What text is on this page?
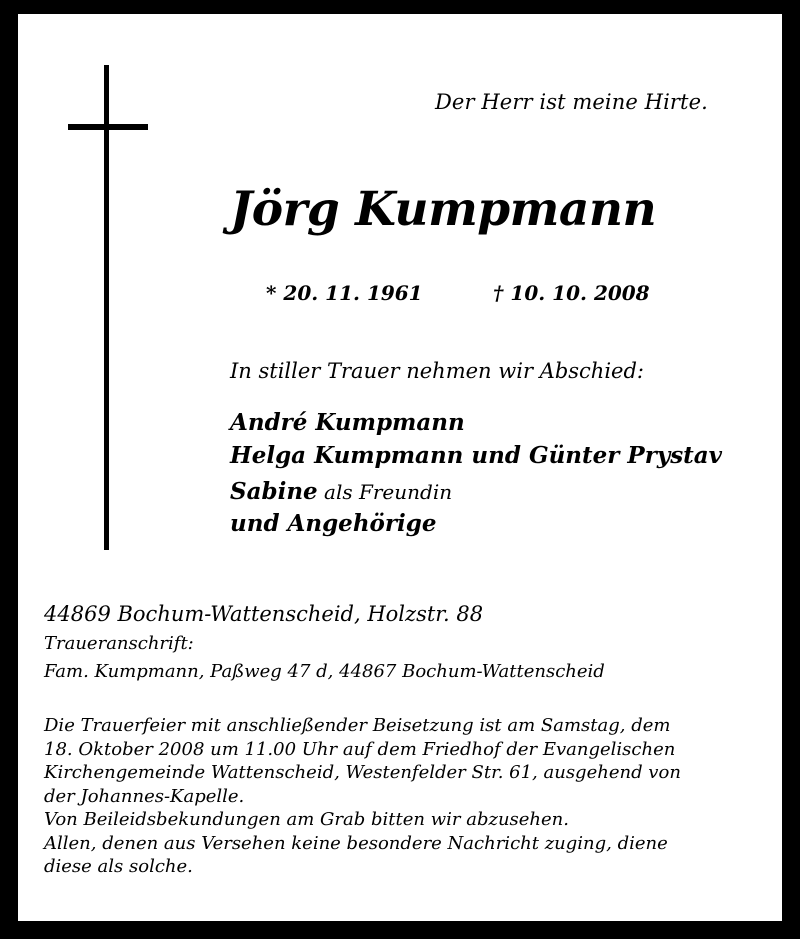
Der Herr ist meine Hirte.
Jörg Kumpmann
* 20. 11. 1961	† 10. 10. 2008
In stiller Trauer nehmen wir Abschied:
André Kumpmann
Helga Kumpmann und Günter Prystav
Sabine als Freundin
und Angehörige
44869 Bochum-Wattenscheid, Holzstr. 88
Traueranschrift:
Fam. Kumpmann, Paßweg 47 d, 44867 Bochum-Wattenscheid
Die Trauerfeier mit anschließender Beisetzung ist am Samstag, dem
18. Oktober 2008 um 11.00 Uhr auf dem Friedhof der Evangelischen
Kirchengemeinde Wattenscheid, Westenfelder Str. 61, ausgehend von
der Johannes-Kapelle.
Von Beileidsbekundungen am Grab bitten wir abzusehen.
Allen, denen aus Versehen keine besondere Nachricht zuging, diene
diese als solche.
